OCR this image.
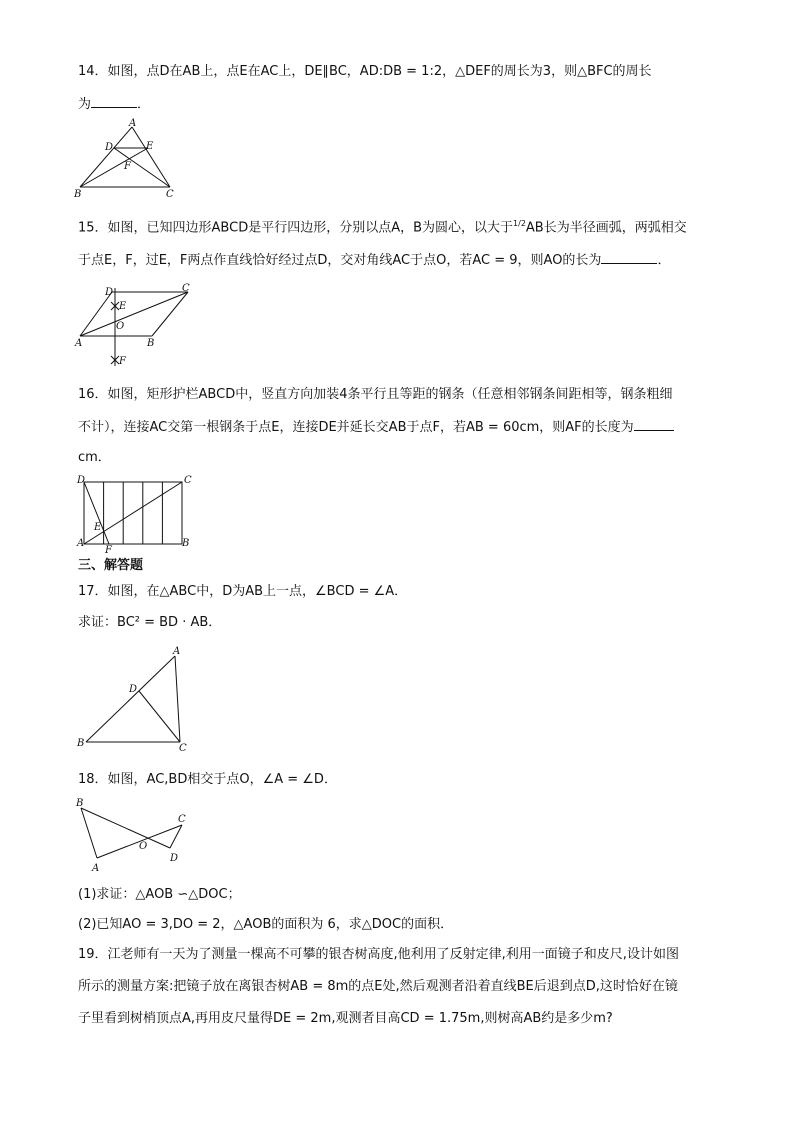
14．如图，点D在AB上，点E在AC上，DE∥BC，AD:DB = 1:2，△DEF的周长为3，则△BFC的周长
为	．
A
B	C
D	E
F
15．如图，已知四边形ABCD是平行四边形，分别以点A，B为圆心，以大于$^{1/2}$AB长为半径画弧，两弧相交
于点E，F，过E，F两点作直线恰好经过点D，交对角线AC于点O，若AC = 9，则AO的长为	．
D	C
E
O
A	B
F
16．如图，矩形护栏ABCD中，竖直方向加装4条平行且等距的钢条（任意相邻钢条间距相等，钢条粗细
不计），连接AC交第一根钢条于点E，连接DE并延长交AB于点F，若AB = 60cm，则AF的长度为
cm．
D	C
E
A
F
B
三、解答题
17．如图，在△ABC中，D为AB上一点，∠BCD = ∠A．
求证：BC² = BD · AB．
A
D
B	C
18．如图，AC,BD相交于点O，∠A = ∠D．
B
C
O
D
A
(1)求证：△AOB ∽△DOC；
(2)已知AO = 3,DO = 2，△AOB的面积为 6，求△DOC的面积．
19．江老师有一天为了测量一棵高不可攀的银杏树高度,他利用了反射定律,利用一面镜子和皮尺,设计如图
所示的测量方案:把镜子放在离银杏树AB = 8m的点E处,然后观测者沿着直线BE后退到点D,这时恰好在镜
子里看到树梢顶点A,再用皮尺量得DE = 2m,观测者目高CD = 1.75m,则树高AB约是多少m?
